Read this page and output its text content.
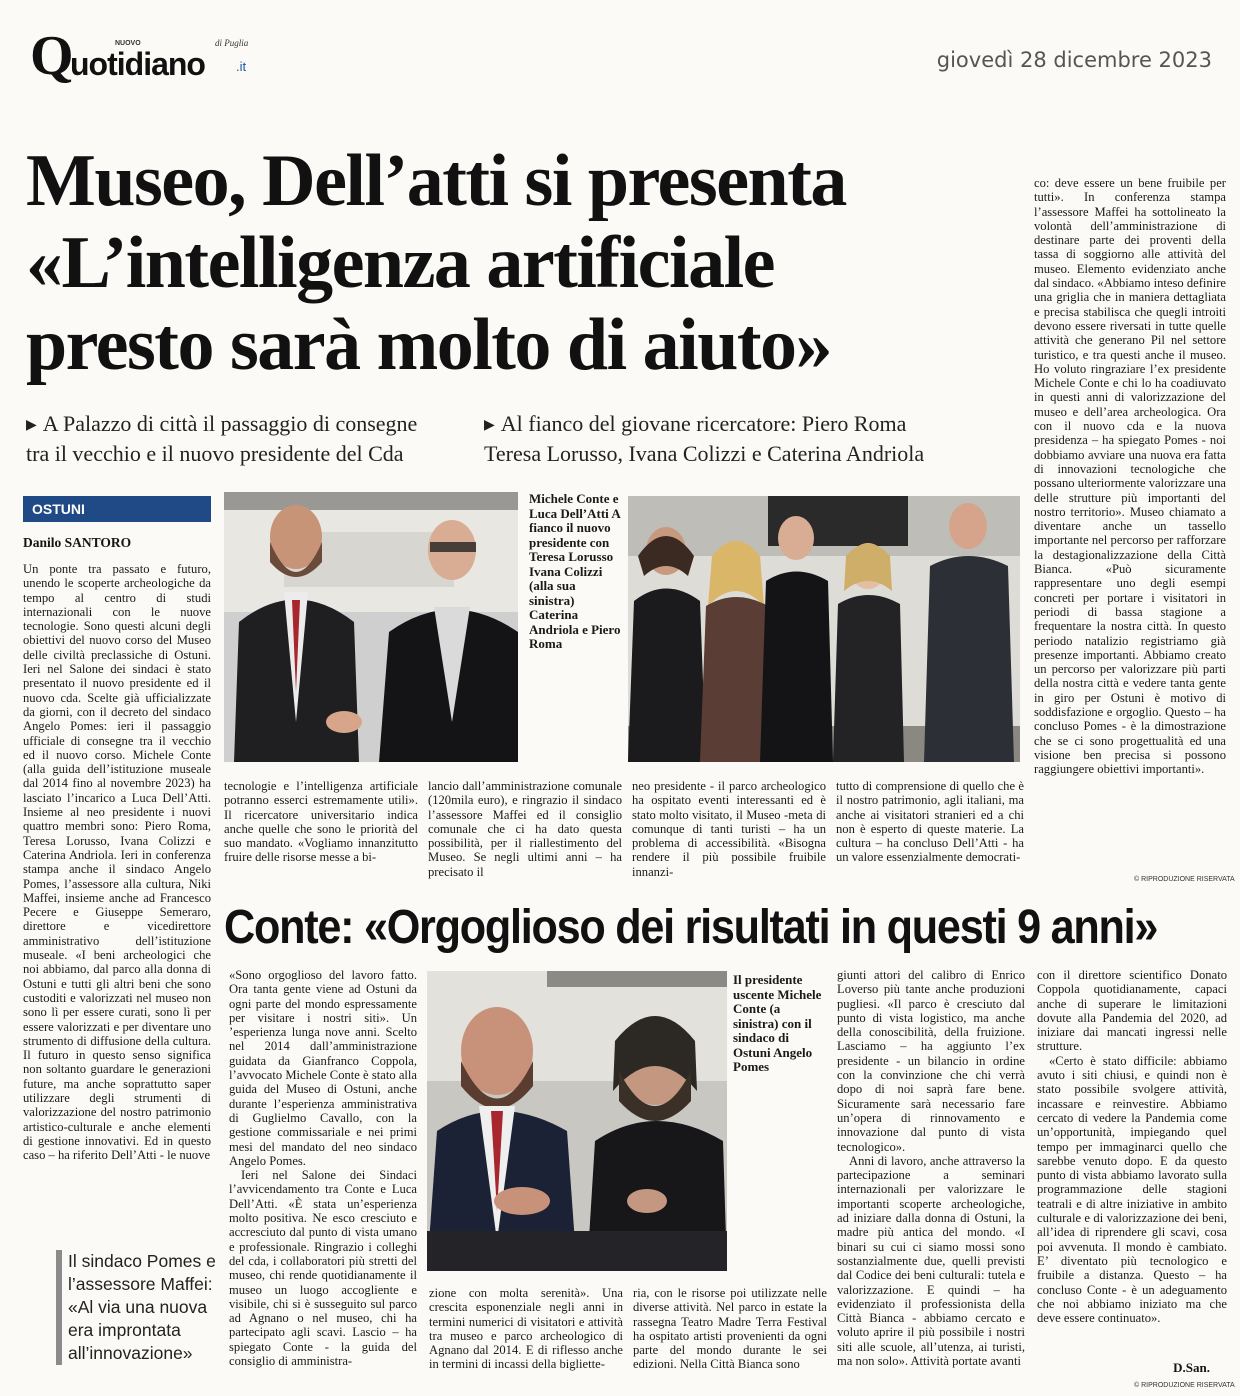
Q	NUOVO
uotidiano
di Puglia
.it	giovedì 28 dicembre 2023
Museo, Dell’atti si presenta
«L’intelligenza artificiale
presto sarà molto di aiuto»
▶ A Palazzo di città il passaggio di consegne
tra il vecchio e il nuovo presidente del Cda
▶ Al fianco del giovane ricercatore: Piero Roma
Teresa Lorusso, Ivana Colizzi e Caterina Andriola
OSTUNI
Danilo SANTORO

Un ponte tra passato e futuro, unendo le scoperte archeologiche da tempo al centro di studi internazionali con le nuove tecnologie. Sono questi alcuni degli obiettivi del nuovo corso del Museo delle civiltà preclassiche di Ostuni. Ieri nel Salone dei sindaci è stato presentato il nuovo presidente ed il nuovo cda. Scelte già ufficializzate da giorni, con il decreto del sindaco Angelo Pomes: ieri il passaggio ufficiale di consegne tra il vecchio ed il nuovo corso. Michele Conte (alla guida dell’istituzione museale dal 2014 fino al novembre 2023) ha lasciato l’incarico a Luca Dell’Atti. Insieme al neo presidente i nuovi quattro membri sono: Piero Roma, Teresa Lorusso, Ivana Colizzi e Caterina Andriola. Ieri in conferenza stampa anche il sindaco Angelo Pomes, l’assessore alla cultura, Niki Maffei, insieme anche ad Francesco Pecere e Giuseppe Semeraro, direttore e vicedirettore amministrativo dell’istituzione museale. «I beni archeologici che noi abbiamo, dal parco alla donna di Ostuni e tutti gli altri beni che sono custoditi e valorizzati nel museo non sono lì per essere curati, sono lì per essere valorizzati e per diventare uno strumento di diffusione della cultura. Il futuro in questo senso significa non soltanto guardare le generazioni future, ma anche soprattutto saper utilizzare degli strumenti di valorizzazione del nostro patrimonio artistico-culturale e anche elementi di gestione innovativi. Ed in questo caso – ha riferito Dell’Atti - le nuove

Michele Conte e Luca Dell’Atti A fianco il nuovo presidente con Teresa Lorusso Ivana Colizzi (alla sua sinistra) Caterina Andriola e Piero Roma

tecnologie e l’intelligenza artificiale potranno esserci estremamente utili». Il ricercatore universitario indica anche quelle che sono le priorità del suo mandato. «Vogliamo innanzitutto fruire delle risorse messe a bi-

lancio dall’amministrazione comunale (120mila euro), e ringrazio il sindaco l’assessore Maffei ed il consiglio comunale che ci ha dato questa possibilità, per il riallestimento del Museo. Se negli ultimi anni – ha precisato il

neo presidente - il parco archeologico ha ospitato eventi interessanti ed è stato molto visitato, il Museo -meta di comunque di tanti turisti – ha un problema di accessibilità. «Bisogna rendere il più possibile fruibile innanzi-

tutto di comprensione di quello che è il nostro patrimonio, agli italiani, ma anche ai visitatori stranieri ed a chi non è esperto di queste materie. La cultura – ha concluso Dell’Atti - ha un valore essenzialmente democrati-

co: deve essere un bene fruibile per tutti». In conferenza stampa l’assessore Maffei ha sottolineato la volontà dell’amministrazione di destinare parte dei proventi della tassa di soggiorno alle attività del museo. Elemento evidenziato anche dal sindaco. «Abbiamo inteso definire una griglia che in maniera dettagliata e precisa stabilisca che quegli introiti devono essere riversati in tutte quelle attività che generano Pil nel settore turistico, e tra questi anche il museo. Ho voluto ringraziare l’ex presidente Michele Conte e chi lo ha coadiuvato in questi anni di valorizzazione del museo e dell’area archeologica. Ora con il nuovo cda e la nuova presidenza – ha spiegato Pomes - noi dobbiamo avviare una nuova era fatta di innovazioni tecnologiche che possano ulteriormente valorizzare una delle strutture più importanti del nostro territorio». Museo chiamato a diventare anche un tassello importante nel percorso per rafforzare la destagionalizzazione della Città Bianca. «Può sicuramente rappresentare uno degli esempi concreti per portare i visitatori in periodi di bassa stagione a frequentare la nostra città. In questo periodo natalizio registriamo già presenze importanti. Abbiamo creato un percorso per valorizzare più parti della nostra città e vedere tanta gente in giro per Ostuni è motivo di soddisfazione e orgoglio. Questo – ha concluso Pomes - è la dimostrazione che se ci sono progettualità ed una visione ben precisa si possono raggiungere obiettivi importanti».

© RIPRODUZIONE RISERVATA
Conte: «Orgoglioso dei risultati in questi 9 anni»

«Sono orgoglioso del lavoro fatto. Ora tanta gente viene ad Ostuni da ogni parte del mondo espressamente per visitare i nostri siti». Un ’esperienza lunga nove anni. Scelto nel 2014 dall’amministrazione guidata da Gianfranco Coppola, l’avvocato Michele Conte è stato alla guida del Museo di Ostuni, anche durante l’esperienza amministrativa di Guglielmo Cavallo, con la gestione commissariale e nei primi mesi del mandato del neo sindaco Angelo Pomes.

Ieri nel Salone dei Sindaci l’avvicendamento tra Conte e Luca Dell’Atti. «È stata un’esperienza molto positiva. Ne esco cresciuto e accresciuto dal punto di vista umano e professionale. Ringrazio i colleghi del cda, i collaboratori più stretti del museo, chi rende quotidianamente il museo un luogo accogliente e visibile, chi si è susseguito sul parco ad Agnano o nel museo, chi ha partecipato agli scavi. Lascio – ha spiegato Conte - la guida del consiglio di amministra-

Il presidente uscente Michele Conte (a sinistra) con il sindaco di Ostuni Angelo Pomes

zione con molta serenità». Una crescita esponenziale negli anni in termini numerici di visitatori e attività tra museo e parco archeologico di Agnano dal 2014. E di riflesso anche in termini di incassi della bigliette-

ria, con le risorse poi utilizzate nelle diverse attività. Nel parco in estate la rassegna Teatro Madre Terra Festival ha ospitato artisti provenienti da ogni parte del mondo durante le sei edizioni. Nella Città Bianca sono

giunti attori del calibro di Enrico Loverso più tante anche produzioni pugliesi. «Il parco è cresciuto dal punto di vista logistico, ma anche della conoscibilità, della fruizione. Lasciamo – ha aggiunto l’ex presidente - un bilancio in ordine con la convinzione che chi verrà dopo di noi saprà fare bene. Sicuramente sarà necessario fare un’opera di rinnovamento e innovazione dal punto di vista tecnologico».

Anni di lavoro, anche attraverso la partecipazione a seminari internazionali per valorizzare le importanti scoperte archeologiche, ad iniziare dalla donna di Ostuni, la madre più antica del mondo. «I binari su cui ci siamo mossi sono sostanzialmente due, quelli previsti dal Codice dei beni culturali: tutela e valorizzazione. E quindi – ha evidenziato il professionista della Città Bianca - abbiamo cercato e voluto aprire il più possibile i nostri siti alle scuole, all’utenza, ai turisti, ma non solo». Attività portate avanti

con il direttore scientifico Donato Coppola quotidianamente, capaci anche di superare le limitazioni dovute alla Pandemia del 2020, ad iniziare dai mancati ingressi nelle strutture.

«Certo è stato difficile: abbiamo avuto i siti chiusi, e quindi non è stato possibile svolgere attività, incassare e reinvestire. Abbiamo cercato di vedere la Pandemia come un’opportunità, impiegando quel tempo per immaginarci quello che sarebbe venuto dopo. E da questo punto di vista abbiamo lavorato sulla programmazione delle stagioni teatrali e di altre iniziative in ambito culturale e di valorizzazione dei beni, all’idea di riprendere gli scavi, cosa poi avvenuta. Il mondo è cambiato. E’ diventato più tecnologico e fruibile a distanza. Questo – ha concluso Conte - è un adeguamento che noi abbiamo iniziato ma che deve essere continuato».

D.San.
© RIPRODUZIONE RISERVATA
Il sindaco Pomes e l’assessore Maffei: «Al via una nuova era improntata all’innovazione»
